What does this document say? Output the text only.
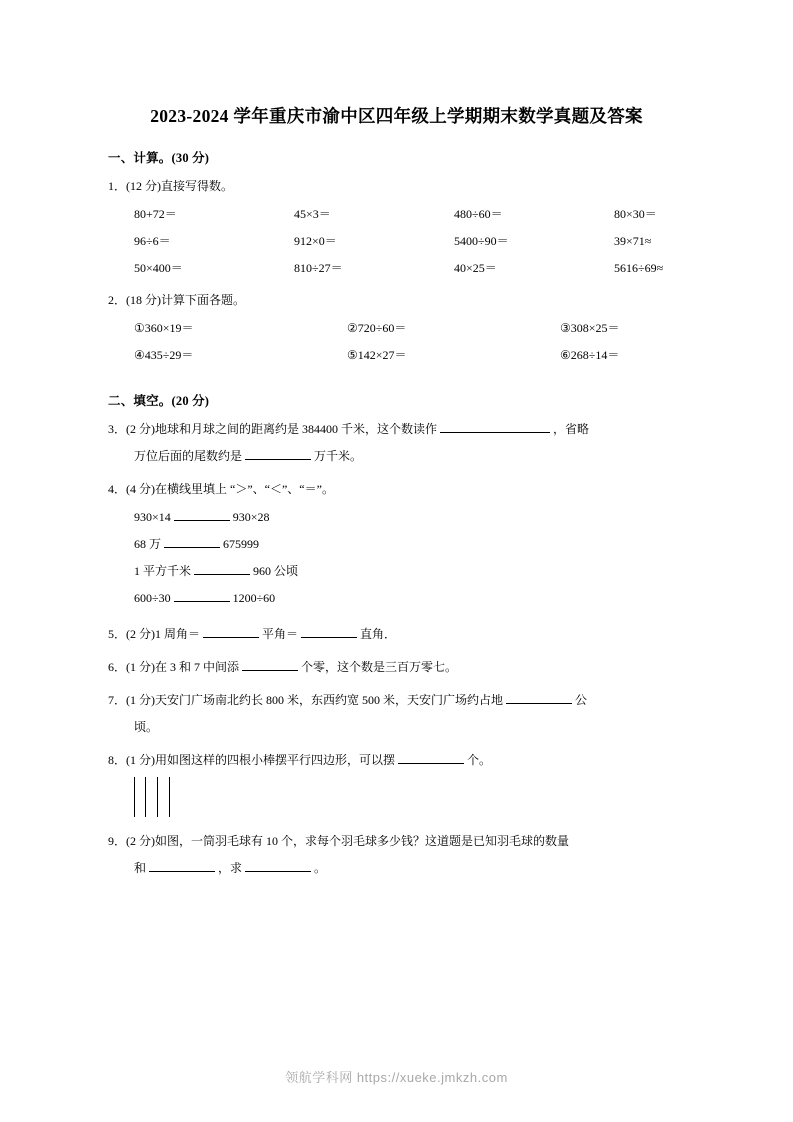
2023-2024 学年重庆市渝中区四年级上学期期末数学真题及答案
一、计算。(30 分)
1．(12 分)直接写得数。
80+72＝	45×3＝	480÷60＝	80×30＝
96÷6＝	912×0＝	5400÷90＝	39×71≈
50×400＝	810÷27＝	40×25＝	5616÷69≈
2．(18 分)计算下面各题。
①360×19＝	②720÷60＝	③308×25＝
④435÷29＝	⑤142×27＝	⑥268÷14＝
二、填空。(20 分)
3．(2 分)地球和月球之间的距离约是 384400 千米，这个数读作	，省略
万位后面的尾数约是	万千米。
4．(4 分)在横线里填上 “＞”、“＜”、“＝”。
930×14	930×28
68 万	675999
1 平方千米	960 公顷
600÷30	1200÷60
5．(2 分)1 周角＝	平角＝	直角．
6．(1 分)在 3 和 7 中间添	个零，这个数是三百万零七。
7．(1 分)天安门广场南北约长 800 米，东西约宽 500 米，天安门广场约占地	公
顷。
8．(1 分)用如图这样的四根小棒摆平行四边形，可以摆	个。
9．(2 分)如图，一筒羽毛球有 10 个，求每个羽毛球多少钱？这道题是已知羽毛球的数量
和	，求	。
领航学科网 https://xueke.jmkzh.com
